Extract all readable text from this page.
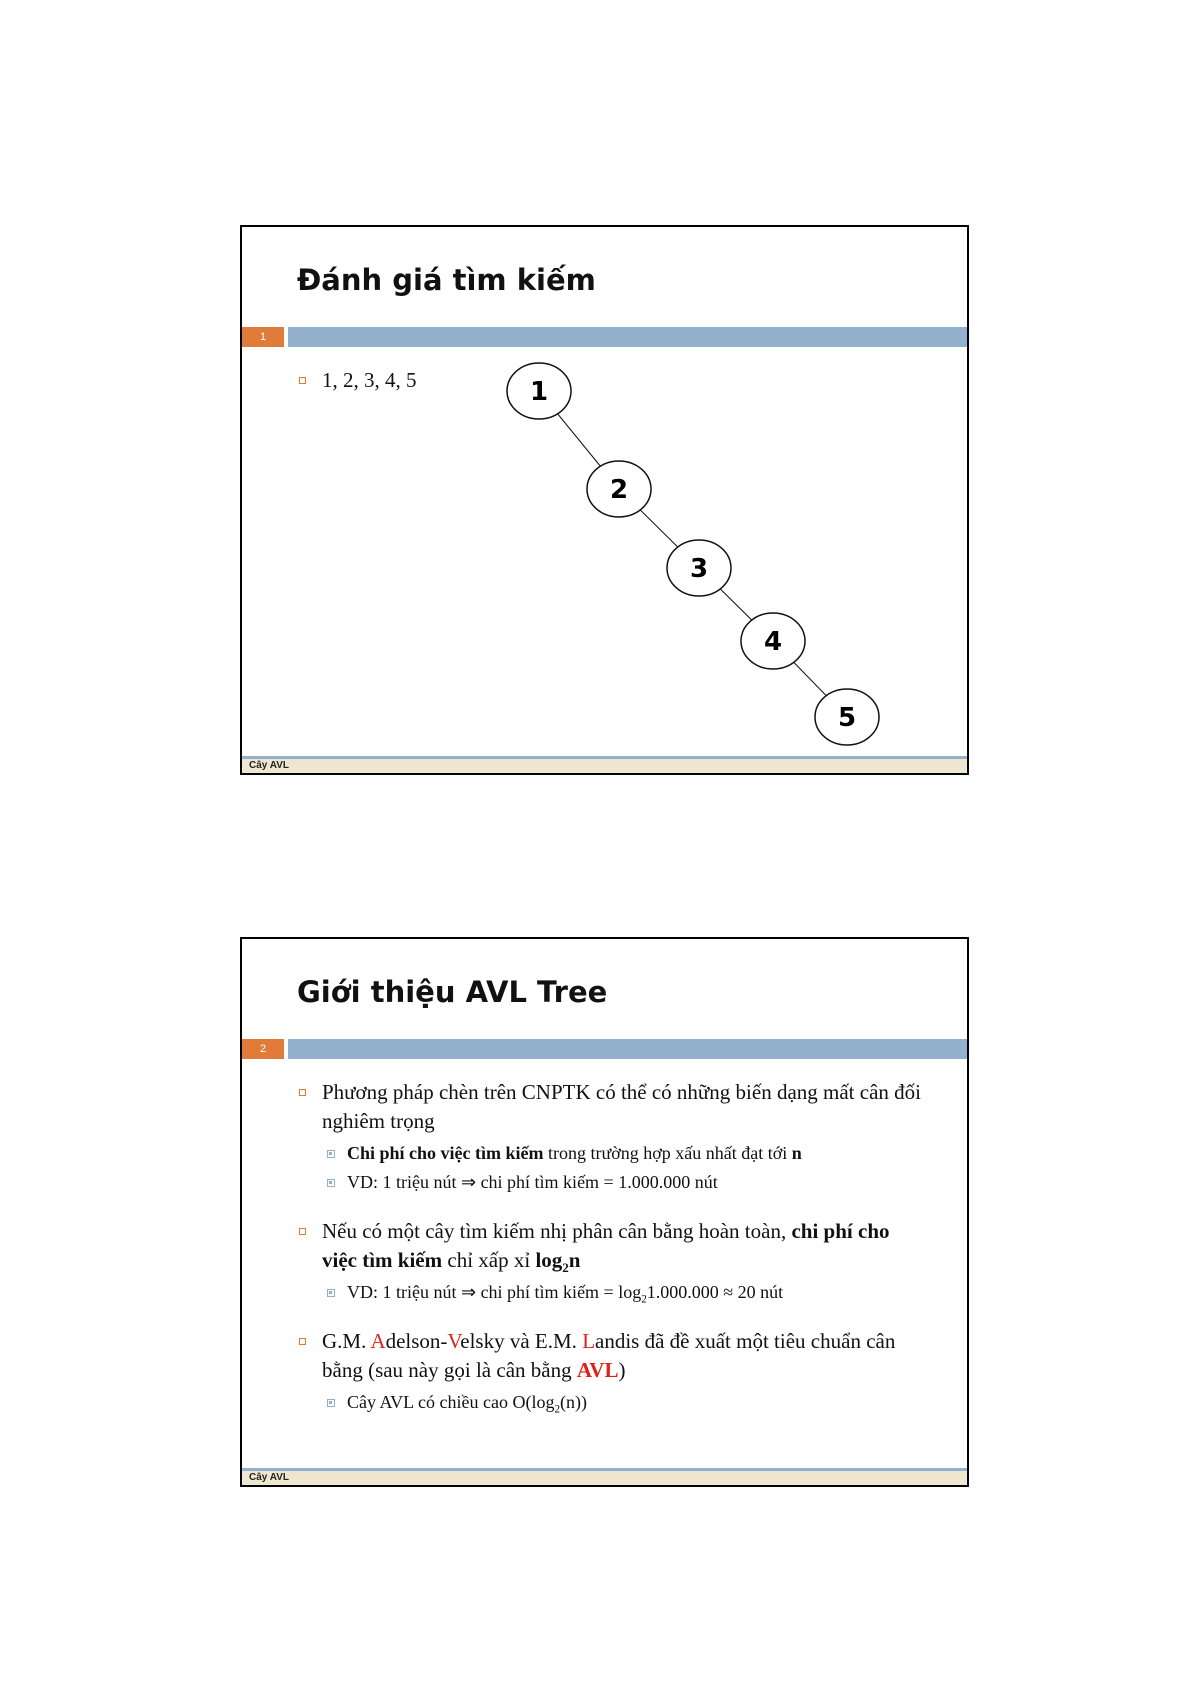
Đánh giá tìm kiếm
1
1, 2, 3, 4, 5	1
2
3
4
5
Cây AVL
Giới thiệu AVL Tree
2
Phương pháp chèn trên CNPTK có thể có những biến dạng mất cân đối nghiêm trọng
Chi phí cho việc tìm kiếm trong trường hợp xấu nhất đạt tới n
VD: 1 triệu nút ⇒ chi phí tìm kiếm = 1.000.000 nút
Nếu có một cây tìm kiếm nhị phân cân bằng hoàn toàn, chi phí cho việc tìm kiếm chỉ xấp xỉ $\log_2n$
VD: 1 triệu nút ⇒ chi phí tìm kiếm = $\log_21.000.000 \approx 20$ nút
G.M. Adelson-Velsky và E.M. Landis đã đề xuất một tiêu chuẩn cân bằng (sau này gọi là cân bằng AVL)
Cây AVL có chiều cao $O(\log_2(n))$
Cây AVL
